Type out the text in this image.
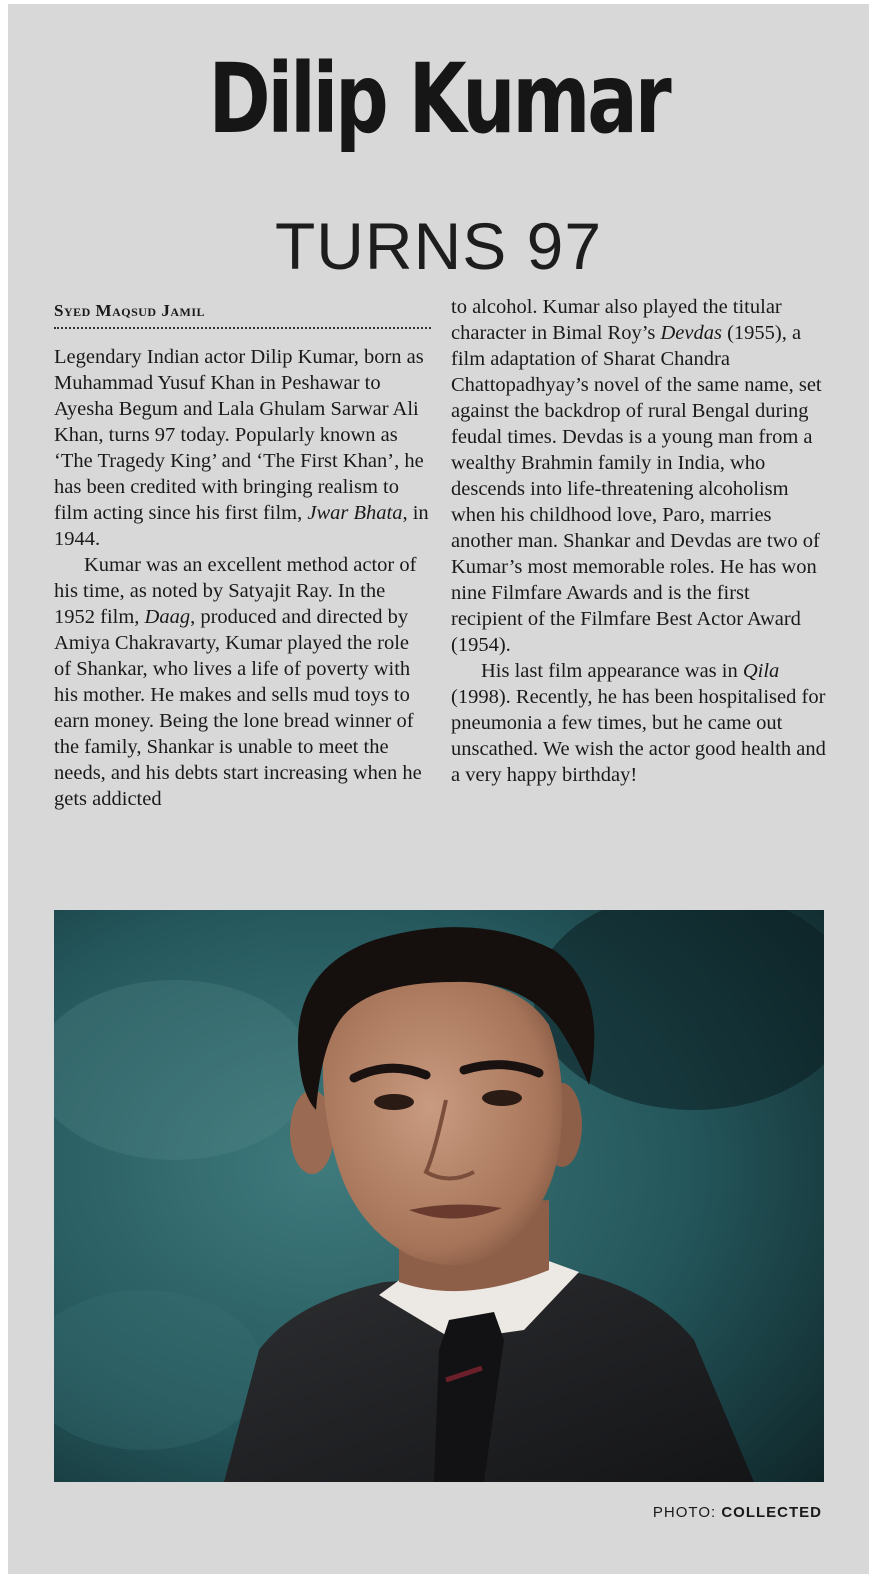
Dilip Kumar
TURNS 97
Syed Maqsud Jamil

Legendary Indian actor Dilip Kumar, born as Muhammad Yusuf Khan in Peshawar to Ayesha Begum and Lala Ghulam Sarwar Ali Khan, turns 97 today. Popularly known as ‘The Tragedy King’ and ‘The First Khan’, he has been credited with bringing realism to film acting since his first film, Jwar Bhata, in 1944.

Kumar was an excellent method actor of his time, as noted by Satyajit Ray. In the 1952 film, Daag, produced and directed by Amiya Chakravarty, Kumar played the role of Shankar, who lives a life of poverty with his mother. He makes and sells mud toys to earn money. Being the lone bread winner of the family, Shankar is unable to meet the needs, and his debts start increasing when he gets addicted

to alcohol. Kumar also played the titular character in Bimal Roy’s Devdas (1955), a film adaptation of Sharat Chandra Chattopadhyay’s novel of the same name, set against the backdrop of rural Bengal during feudal times. Devdas is a young man from a wealthy Brahmin family in India, who descends into life-threatening alcoholism when his childhood love, Paro, marries another man. Shankar and Devdas are two of Kumar’s most memorable roles. He has won nine Filmfare Awards and is the first recipient of the Filmfare Best Actor Award (1954).

His last film appearance was in Qila (1998). Recently, he has been hospitalised for pneumonia a few times, but he came out unscathed. We wish the actor good health and a very happy birthday!

PHOTO: COLLECTED
